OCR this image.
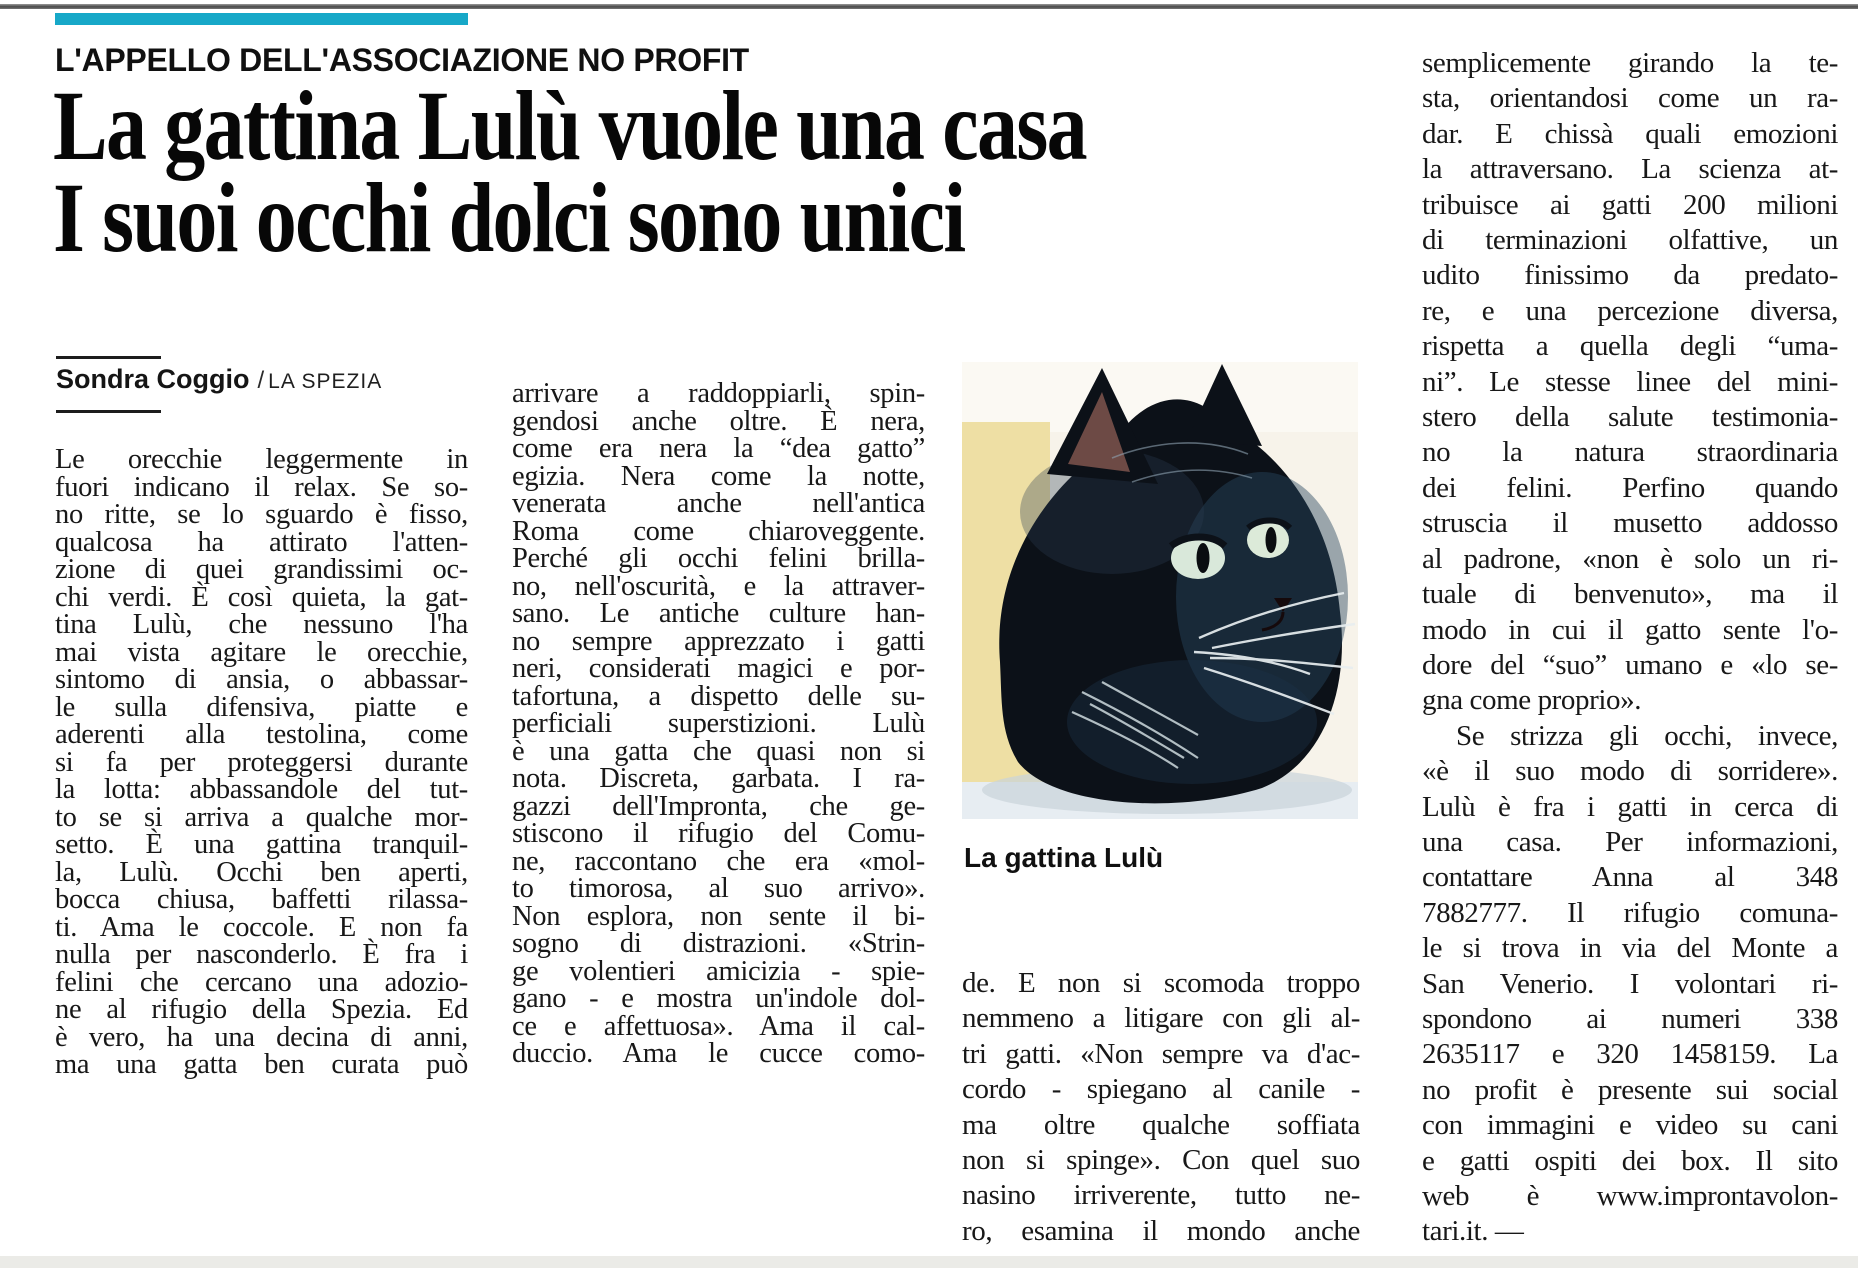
L'APPELLO DELL'ASSOCIAZIONE NO PROFIT
La gattina Lulù vuole una casa
I suoi occhi dolci sono unici
Sondra Coggio / LA SPEZIA
Le orecchie leggermente in
fuori indicano il relax. Se so-
no ritte, se lo sguardo è fisso,
qualcosa ha attirato l'atten-
zione di quei grandissimi oc-
chi verdi. È così quieta, la gat-
tina Lulù, che nessuno l'ha
mai vista agitare le orecchie,
sintomo di ansia, o abbassar-
le sulla difensiva, piatte e
aderenti alla testolina, come
si fa per proteggersi durante
la lotta: abbassandole del tut-
to se si arriva a qualche mor-
setto. È una gattina tranquil-
la, Lulù. Occhi ben aperti,
bocca chiusa, baffetti rilassa-
ti. Ama le coccole. E non fa
nulla per nasconderlo. È fra i
felini che cercano una adozio-
ne al rifugio della Spezia. Ed
è vero, ha una decina di anni,
ma una gatta ben curata può
arrivare a raddoppiarli, spin-
gendosi anche oltre. È nera,
come era nera la “dea gatto”
egizia. Nera come la notte,
venerata anche nell'antica
Roma come chiaroveggente.
Perché gli occhi felini brilla-
no, nell'oscurità, e la attraver-
sano. Le antiche culture han-
no sempre apprezzato i gatti
neri, considerati magici e por-
tafortuna, a dispetto delle su-
perficiali superstizioni. Lulù
è una gatta che quasi non si
nota. Discreta, garbata. I ra-
gazzi dell'Impronta, che ge-
stiscono il rifugio del Comu-
ne, raccontano che era «mol-
to timorosa, al suo arrivo».
Non esplora, non sente il bi-
sogno di distrazioni. «Strin-
ge volentieri amicizia - spie-
gano - e mostra un'indole dol-
ce e affettuosa». Ama il cal-
duccio. Ama le cucce como-
de. E non si scomoda troppo
nemmeno a litigare con gli al-
tri gatti. «Non sempre va d'ac-
cordo - spiegano al canile -
ma oltre qualche soffiata
non si spinge». Con quel suo
nasino irriverente, tutto ne-
ro, esamina il mondo anche
semplicemente girando la te-
sta, orientandosi come un ra-
dar. E chissà quali emozioni
la attraversano. La scienza at-
tribuisce ai gatti 200 milioni
di terminazioni olfattive, un
udito finissimo da predato-
re, e una percezione diversa,
rispetta a quella degli “uma-
ni”. Le stesse linee del mini-
stero della salute testimonia-
no la natura straordinaria
dei felini. Perfino quando
struscia il musetto addosso
al padrone, «non è solo un ri-
tuale di benvenuto», ma il
modo in cui il gatto sente l'o-
dore del “suo” umano e «lo se-
gna come proprio».
Se strizza gli occhi, invece,
«è il suo modo di sorridere».
Lulù è fra i gatti in cerca di
una casa. Per informazioni,
contattare Anna al 348
7882777. Il rifugio comuna-
le si trova in via del Monte a
San Venerio. I volontari ri-
spondono ai numeri 338
2635117 e 320 1458159. La
no profit è presente sui social
con immagini e video su cani
e gatti ospiti dei box. Il sito
web è www.improntavolon-
tari.it. —
La gattina Lulù
